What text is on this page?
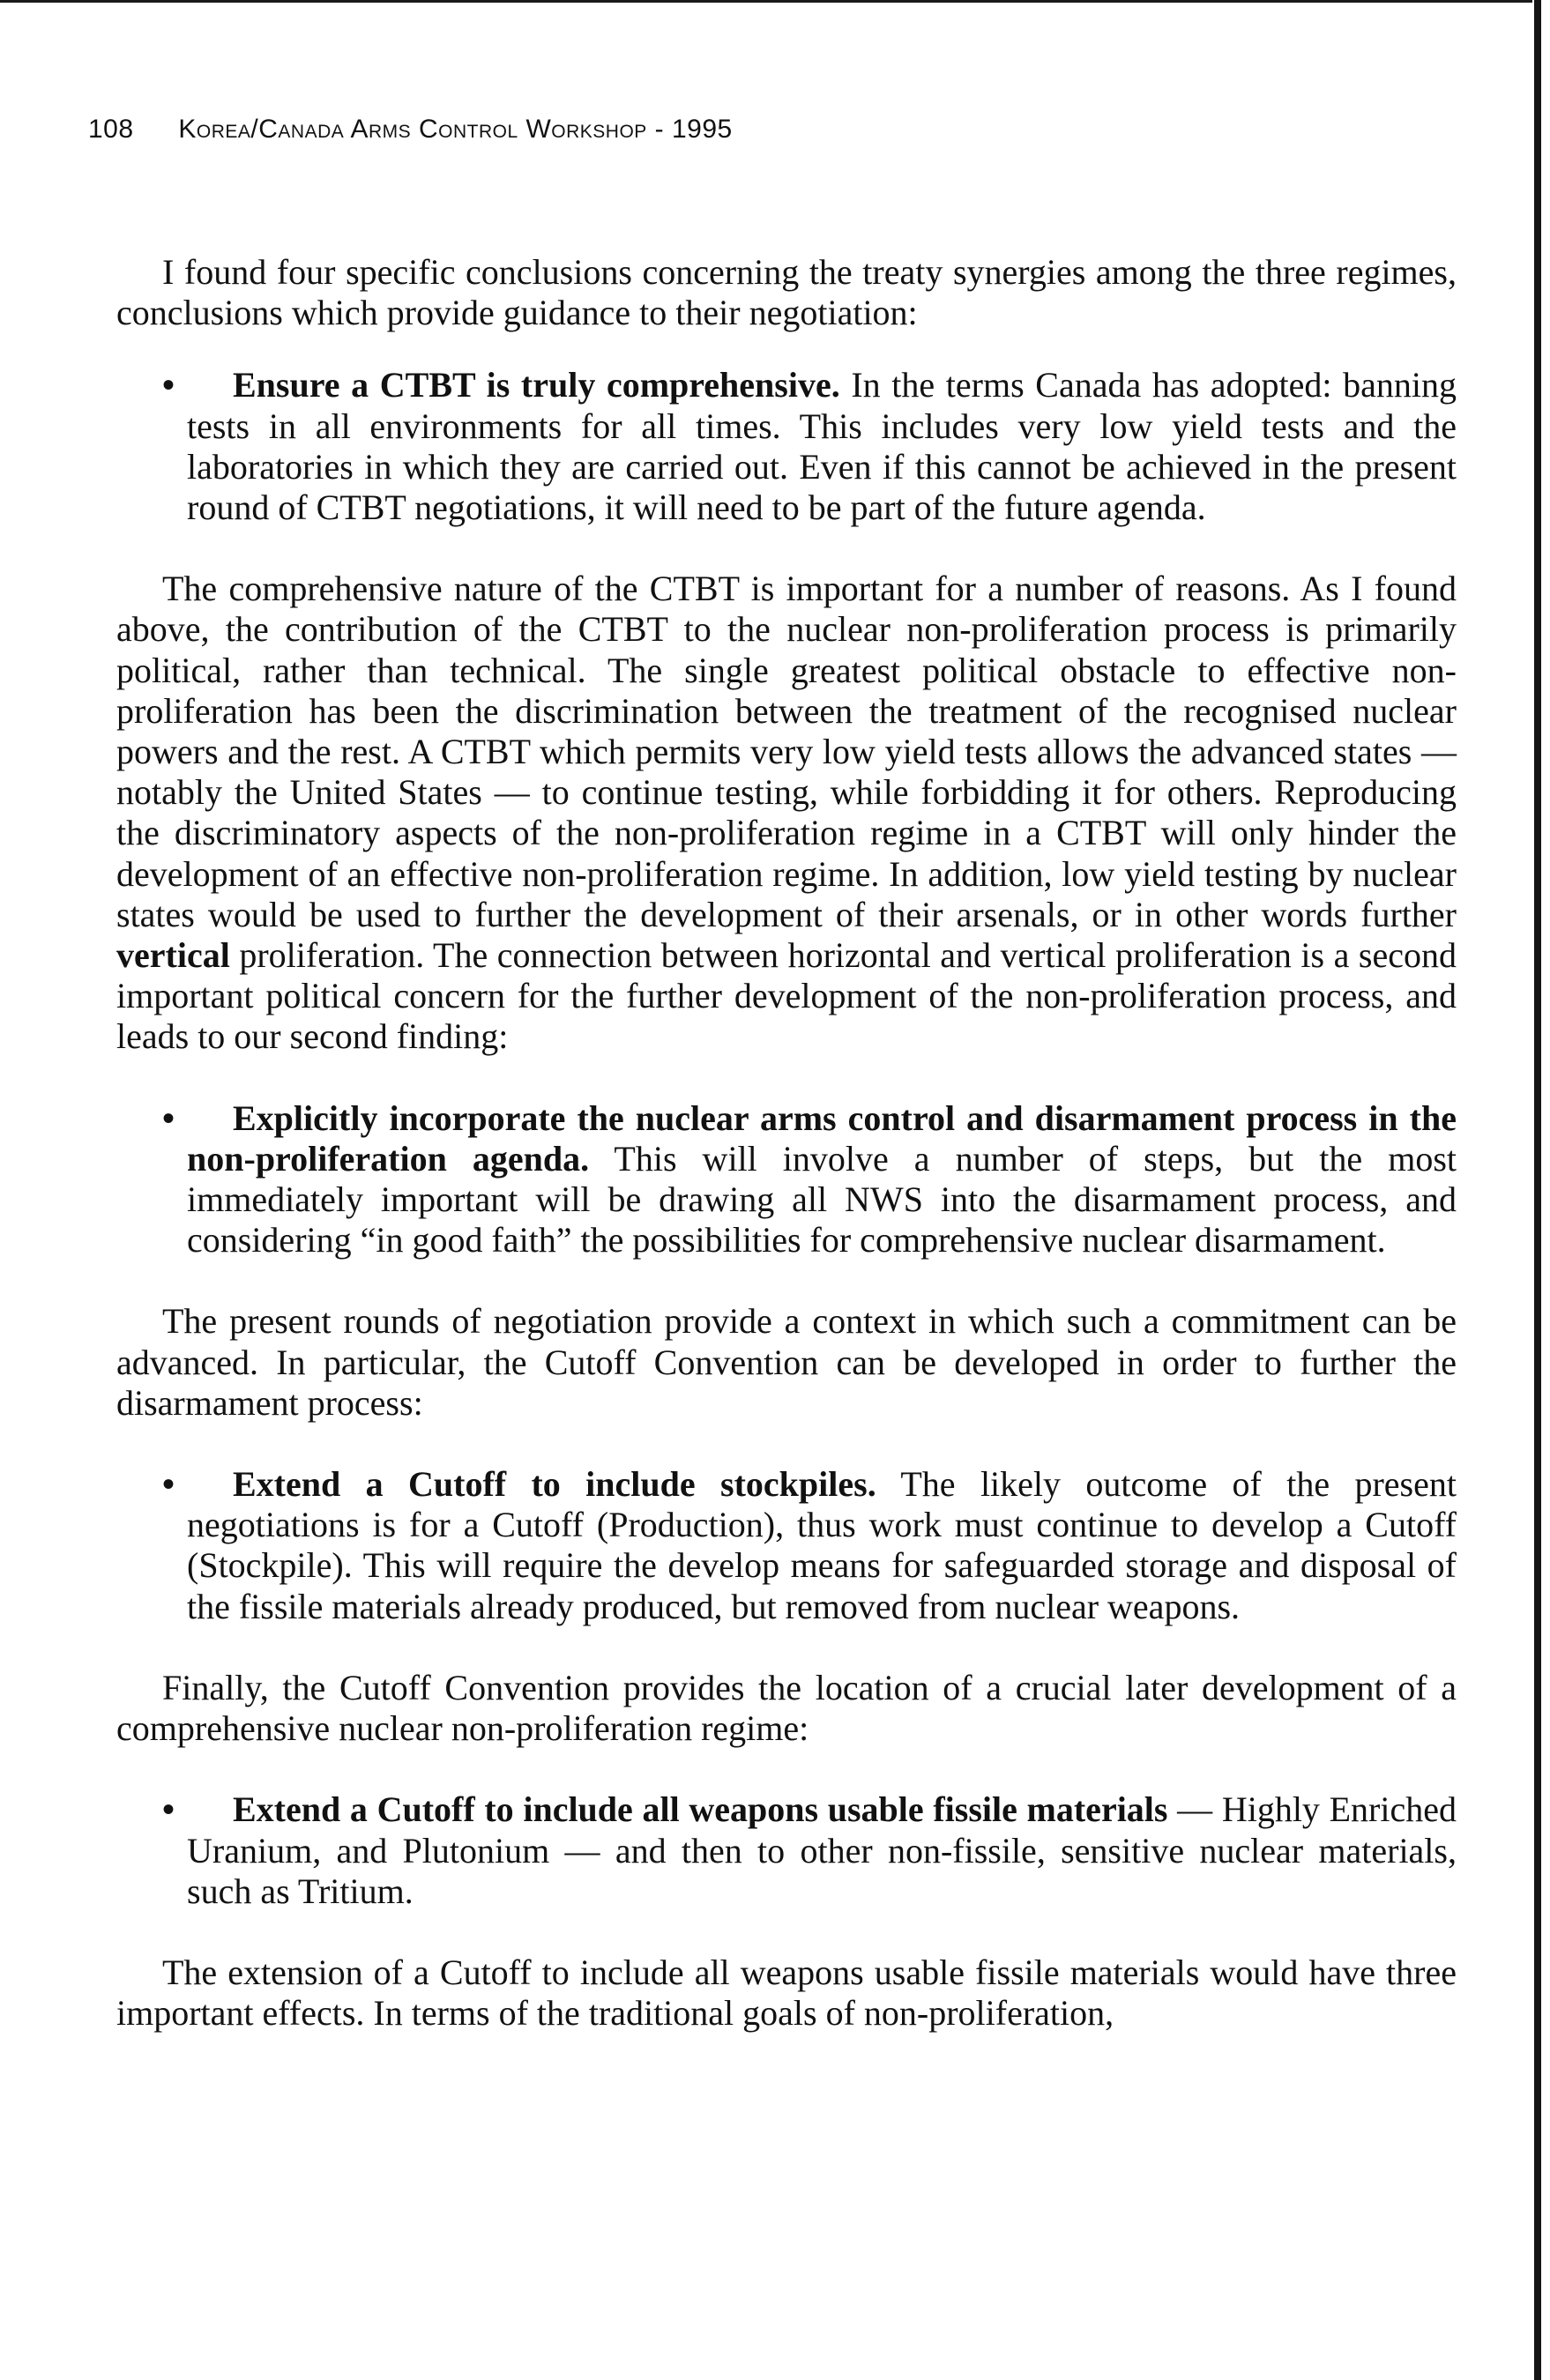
108 Korea/Canada Arms Control Workshop - 1995

I found four specific conclusions concerning the treaty synergies among the three regimes, conclusions which provide guidance to their negotiation:

• Ensure a CTBT is truly comprehensive. In the terms Canada has adopted: banning tests in all environments for all times. This includes very low yield tests and the laboratories in which they are carried out. Even if this cannot be achieved in the present round of CTBT negotiations, it will need to be part of the future agenda.

The comprehensive nature of the CTBT is important for a number of reasons. As I found above, the contribution of the CTBT to the nuclear non-proliferation process is primarily political, rather than technical. The single greatest political obstacle to effective non-proliferation has been the discrimination between the treatment of the recognised nuclear powers and the rest. A CTBT which permits very low yield tests allows the advanced states — notably the United States — to continue testing, while forbidding it for others. Reproducing the discriminatory aspects of the non-proliferation regime in a CTBT will only hinder the development of an effective non-proliferation regime. In addition, low yield testing by nuclear states would be used to further the development of their arsenals, or in other words further vertical proliferation. The connection between horizontal and vertical proliferation is a second important political concern for the further development of the non-proliferation process, and leads to our second finding:

• Explicitly incorporate the nuclear arms control and disarmament process in the non-proliferation agenda. This will involve a number of steps, but the most immediately important will be drawing all NWS into the disarmament process, and considering “in good faith” the possibilities for comprehensive nuclear disarmament.

The present rounds of negotiation provide a context in which such a commitment can be advanced. In particular, the Cutoff Convention can be developed in order to further the disarmament process:

• Extend a Cutoff to include stockpiles. The likely outcome of the present negotiations is for a Cutoff (Production), thus work must continue to develop a Cutoff (Stockpile). This will require the develop means for safeguarded storage and disposal of the fissile materials already produced, but removed from nuclear weapons.

Finally, the Cutoff Convention provides the location of a crucial later development of a comprehensive nuclear non-proliferation regime:

• Extend a Cutoff to include all weapons usable fissile materials — Highly Enriched Uranium, and Plutonium — and then to other non-fissile, sensitive nuclear materials, such as Tritium.

The extension of a Cutoff to include all weapons usable fissile materials would have three important effects. In terms of the traditional goals of non-proliferation,
